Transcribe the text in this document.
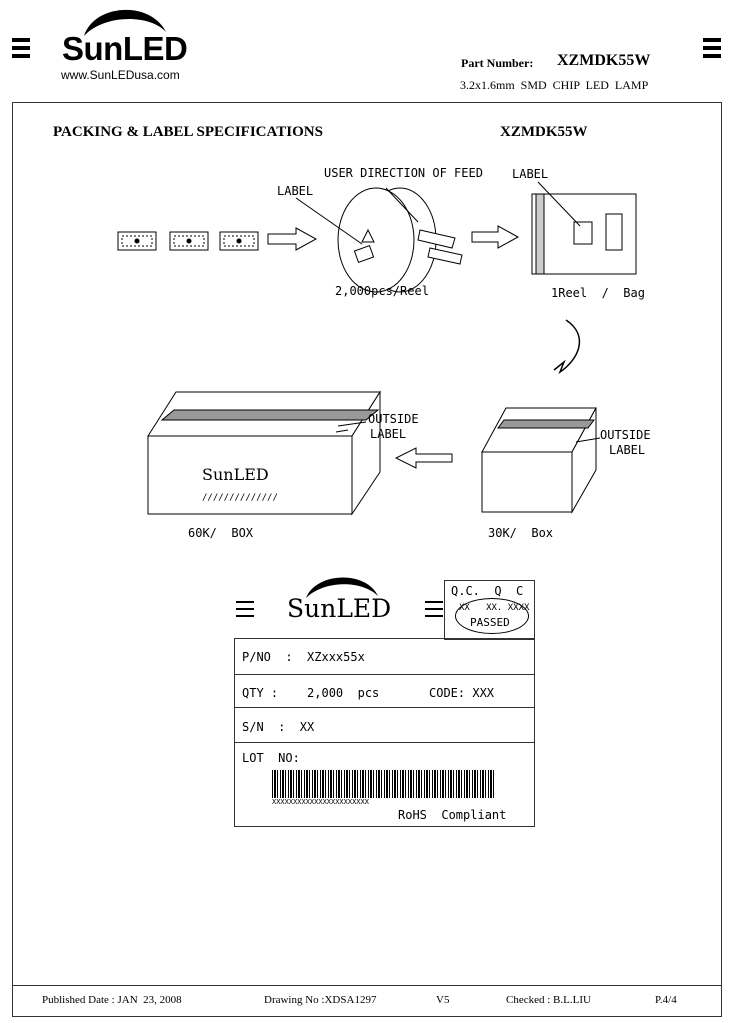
SunLED
www.SunLEDusa.com
Part Number: XZMDK55W
3.2x1.6mm  SMD  CHIP  LED  LAMP
PACKING & LABEL SPECIFICATIONS	XZMDK55W
//////////////
USER DIRECTION OF FEED
LABEL
LABEL
2,000pcs/Reel	1Reel  /  Bag
OUTSIDE
LABEL	OUTSIDE
LABEL
SunLED
60K/  BOX	30K/  Box
SunLED
Q.C.  Q  C
XX   XX. XXXX
PASSED
P/NO  :  XZxxx55x
QTY :    2,000  pcs	CODE: XXX
S/N  :  XX
LOT  NO:
XXXXXXXXXXXXXXXXXXXXXXX
RoHS  Compliant
Published Date : JAN  23, 2008	Drawing No :XDSA1297	V5	Checked : B.L.LIU	P.4/4
